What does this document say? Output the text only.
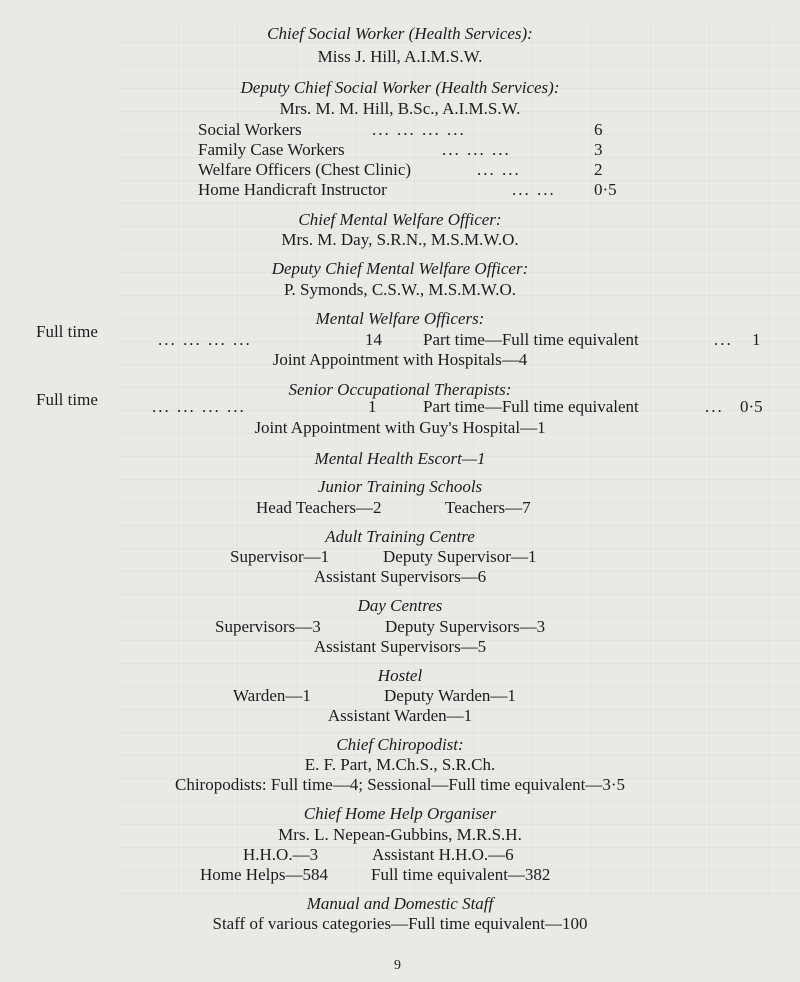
Chief Social Worker (Health Services):
Miss J. Hill, A.I.M.S.W.
Deputy Chief Social Worker (Health Services):
Mrs. M. M. Hill, B.Sc., A.I.M.S.W.
Social Workers	... ... ... ...	6
Family Case Workers	... ... ...	3
Welfare Officers (Chest Clinic)	... ...	2
Home Handicraft Instructor	... ... 0·5
Chief Mental Welfare Officer:
Mrs. M. Day, S.R.N., M.S.M.W.O.
Deputy Chief Mental Welfare Officer:
P. Symonds, C.S.W., M.S.M.W.O.
Mental Welfare Officers:
Full time	... ... ... ...	14 Part time—Full time equivalent	... 1
Joint Appointment with Hospitals—4
Senior Occupational Therapists:
Full time	... ... ... ...	1	Part time—Full time equivalent	... 0·5
Joint Appointment with Guy's Hospital—1
Mental Health Escort—1
Junior Training Schools
Head Teachers—2	Teachers—7
Adult Training Centre
Supervisor—1	Deputy Supervisor—1
Assistant Supervisors—6
Day Centres
Supervisors—3	Deputy Supervisors—3
Assistant Supervisors—5
Hostel
Warden—1	Deputy Warden—1
Assistant Warden—1
Chief Chiropodist:
E. F. Part, M.Ch.S., S.R.Ch.
Chiropodists: Full time—4; Sessional—Full time equivalent—3·5
Chief Home Help Organiser
Mrs. L. Nepean-Gubbins, M.R.S.H.
H.H.O.—3	Assistant H.H.O.—6
Home Helps—584	Full time equivalent—382
Manual and Domestic Staff
Staff of various categories—Full time equivalent—100
9
